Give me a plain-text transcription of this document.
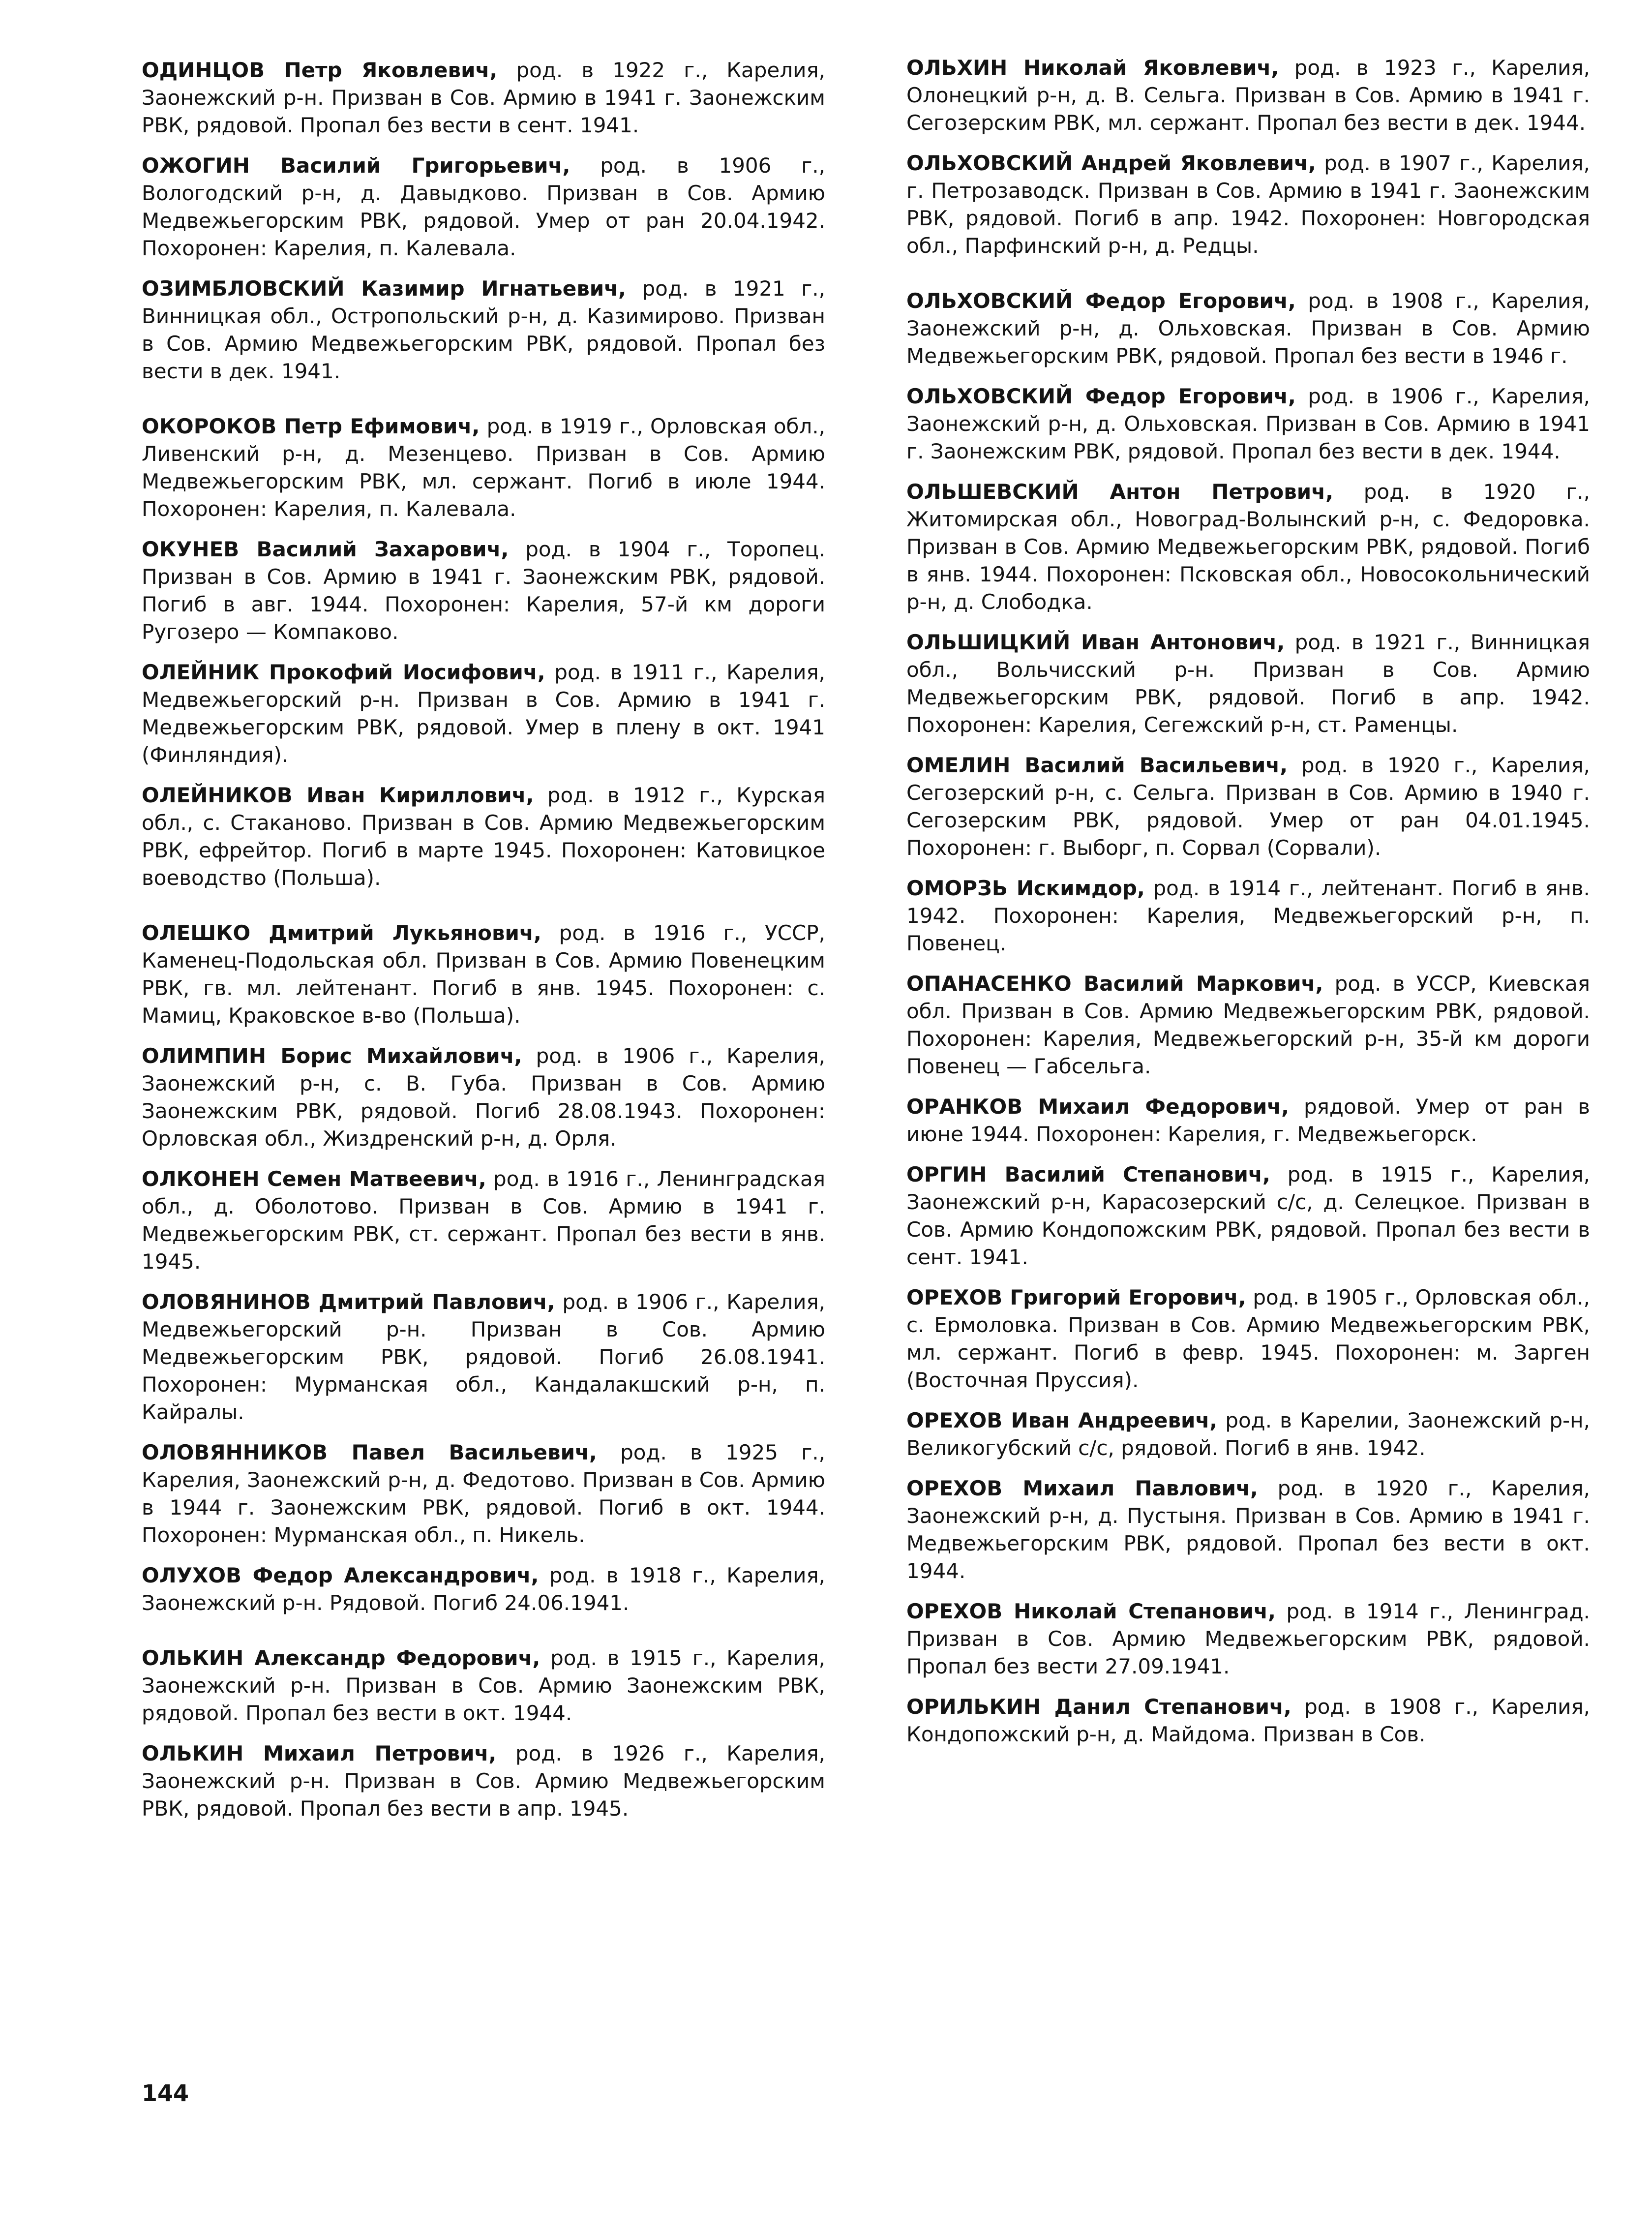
ОДИНЦОВ Петр Яковлевич, род. в 1922 г., Карелия, Заонежский р-н. Призван в Сов. Армию в 1941 г. Заонежским РВК, рядовой. Пропал без вести в сент. 1941.

ОЖОГИН Василий Григорьевич, род. в 1906 г., Вологодский р-н, д. Давыдково. Призван в Сов. Армию Медвежьегорским РВК, рядовой. Умер от ран 20.04.1942. Похоронен: Карелия, п. Калевала.

ОЗИМБЛОВСКИЙ Казимир Игнатьевич, род. в 1921 г., Винницкая обл., Остропольский р-н, д. Казимирово. Призван в Сов. Армию Медвежьегорским РВК, рядовой. Пропал без вести в дек. 1941.

ОКОРОКОВ Петр Ефимович, род. в 1919 г., Орловская обл., Ливенский р-н, д. Мезенцево. Призван в Сов. Армию Медвежьегорским РВК, мл. сержант. Погиб в июле 1944. Похоронен: Карелия, п. Калевала.

ОКУНЕВ Василий Захарович, род. в 1904 г., Торопец. Призван в Сов. Армию в 1941 г. Заонежским РВК, рядовой. Погиб в авг. 1944. Похоронен: Карелия, 57-й км дороги Ругозеро — Компаково.

ОЛЕЙНИК Прокофий Иосифович, род. в 1911 г., Карелия, Медвежьегорский р-н. Призван в Сов. Армию в 1941 г. Медвежьегорским РВК, рядовой. Умер в плену в окт. 1941 (Финляндия).

ОЛЕЙНИКОВ Иван Кириллович, род. в 1912 г., Курская обл., с. Стаканово. Призван в Сов. Армию Медвежьегорским РВК, ефрейтор. Погиб в марте 1945. Похоронен: Катовицкое воеводство (Польша).

ОЛЕШКО Дмитрий Лукьянович, род. в 1916 г., УССР, Каменец-Подольская обл. Призван в Сов. Армию Повенецким РВК, гв. мл. лейтенант. Погиб в янв. 1945. Похоронен: с. Мамиц, Краковское в-во (Польша).

ОЛИМПИН Борис Михайлович, род. в 1906 г., Карелия, Заонежский р-н, с. В. Губа. Призван в Сов. Армию Заонежским РВК, рядовой. Погиб 28.08.1943. Похоронен: Орловская обл., Жиздренский р-н, д. Орля.

ОЛКОНЕН Семен Матвеевич, род. в 1916 г., Ленинградская обл., д. Оболотово. Призван в Сов. Армию в 1941 г. Медвежьегорским РВК, ст. сержант. Пропал без вести в янв. 1945.

ОЛОВЯНИНОВ Дмитрий Павлович, род. в 1906 г., Карелия, Медвежьегорский р-н. Призван в Сов. Армию Медвежьегорским РВК, рядовой. Погиб 26.08.1941. Похоронен: Мурманская обл., Кандалакшский р-н, п. Кайралы.

ОЛОВЯННИКОВ Павел Васильевич, род. в 1925 г., Карелия, Заонежский р-н, д. Федотово. Призван в Сов. Армию в 1944 г. Заонежским РВК, рядовой. Погиб в окт. 1944. Похоронен: Мурманская обл., п. Никель.

ОЛУХОВ Федор Александрович, род. в 1918 г., Карелия, Заонежский р-н. Рядовой. Погиб 24.06.1941.

ОЛЬКИН Александр Федорович, род. в 1915 г., Карелия, Заонежский р-н. Призван в Сов. Армию Заонежским РВК, рядовой. Пропал без вести в окт. 1944.

ОЛЬКИН Михаил Петрович, род. в 1926 г., Карелия, Заонежский р-н. Призван в Сов. Армию Медвежьегорским РВК, рядовой. Пропал без вести в апр. 1945.

ОЛЬХИН Николай Яковлевич, род. в 1923 г., Карелия, Олонецкий р-н, д. В. Сельга. Призван в Сов. Армию в 1941 г. Сегозерским РВК, мл. сержант. Пропал без вести в дек. 1944.

ОЛЬХОВСКИЙ Андрей Яковлевич, род. в 1907 г., Карелия, г. Петрозаводск. Призван в Сов. Армию в 1941 г. Заонежским РВК, рядовой. Погиб в апр. 1942. Похоронен: Новгородская обл., Парфинский р-н, д. Редцы.

ОЛЬХОВСКИЙ Федор Егорович, род. в 1908 г., Карелия, Заонежский р-н, д. Ольховская. Призван в Сов. Армию Медвежьегорским РВК, рядовой. Пропал без вести в 1946 г.

ОЛЬХОВСКИЙ Федор Егорович, род. в 1906 г., Карелия, Заонежский р-н, д. Ольховская. Призван в Сов. Армию в 1941 г. Заонежским РВК, рядовой. Пропал без вести в дек. 1944.

ОЛЬШЕВСКИЙ Антон Петрович, род. в 1920 г., Житомирская обл., Новоград-Волынский р-н, с. Федоровка. Призван в Сов. Армию Медвежьегорским РВК, рядовой. Погиб в янв. 1944. Похоронен: Псковская обл., Новосокольнический р-н, д. Слободка.

ОЛЬШИЦКИЙ Иван Антонович, род. в 1921 г., Винницкая обл., Вольчисский р-н. Призван в Сов. Армию Медвежьегорским РВК, рядовой. Погиб в апр. 1942. Похоронен: Карелия, Сегежский р-н, ст. Раменцы.

ОМЕЛИН Василий Васильевич, род. в 1920 г., Карелия, Сегозерский р-н, с. Сельга. Призван в Сов. Армию в 1940 г. Сегозерским РВК, рядовой. Умер от ран 04.01.1945. Похоронен: г. Выборг, п. Сорвал (Сорвали).

ОМОРЗЬ Искимдор, род. в 1914 г., лейтенант. Погиб в янв. 1942. Похоронен: Карелия, Медвежьегорский р-н, п. Повенец.

ОПАНАСЕНКО Василий Маркович, род. в УССР, Киевская обл. Призван в Сов. Армию Медвежьегорским РВК, рядовой. Похоронен: Карелия, Медвежьегорский р-н, 35-й км дороги Повенец — Габсельга.

ОРАНКОВ Михаил Федорович, рядовой. Умер от ран в июне 1944. Похоронен: Карелия, г. Медвежьегорск.

ОРГИН Василий Степанович, род. в 1915 г., Карелия, Заонежский р-н, Карасозерский с/с, д. Селецкое. Призван в Сов. Армию Кондопожским РВК, рядовой. Пропал без вести в сент. 1941.

ОРЕХОВ Григорий Егорович, род. в 1905 г., Орловская обл., с. Ермоловка. Призван в Сов. Армию Медвежьегорским РВК, мл. сержант. Погиб в февр. 1945. Похоронен: м. Зарген (Восточная Пруссия).

ОРЕХОВ Иван Андреевич, род. в Карелии, Заонежский р-н, Великогубский с/с, рядовой. Погиб в янв. 1942.

ОРЕХОВ Михаил Павлович, род. в 1920 г., Карелия, Заонежский р-н, д. Пустыня. Призван в Сов. Армию в 1941 г. Медвежьегорским РВК, рядовой. Пропал без вести в окт. 1944.

ОРЕХОВ Николай Степанович, род. в 1914 г., Ленинград. Призван в Сов. Армию Медвежьегорским РВК, рядовой. Пропал без вести 27.09.1941.

ОРИЛЬКИН Данил Степанович, род. в 1908 г., Карелия, Кондопожский р-н, д. Майдома. Призван в Сов.

144
